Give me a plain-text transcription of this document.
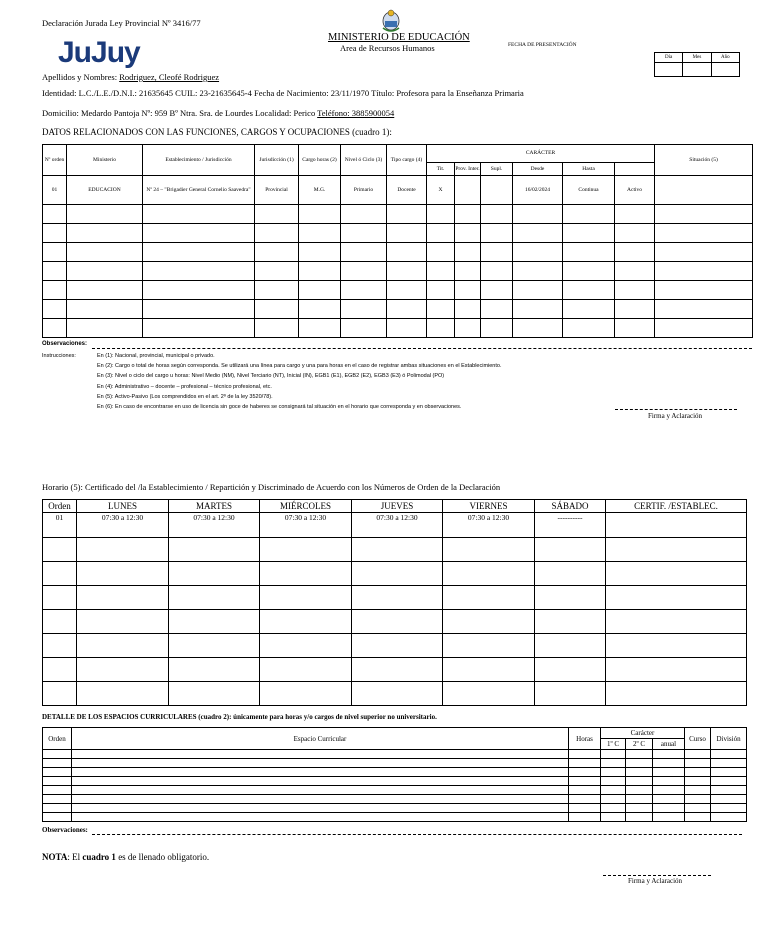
Declaración Jurada Ley Provincial Nº 3416/77
JuJuy	MINISTERIO DE EDUCACIÓN
Area de Recursos Humanos	FECHA DE PRESENTACIÓN
Día	Mes	Año

Apellidos y Nombres: Rodriguez, Cleofé Rodriguez
Identidad: L.C./L.E./D.N.I.: 21635645 CUIL: 23-21635645-4 Fecha de Nacimiento: 23/11/1970 Título: Profesora para la Enseñanza Primaria
Domicilio: Medardo Pantoja Nº: 959 Bº Ntra. Sra. de Lourdes Localidad: Perico Teléfono: 3885900054
DATOS RELACIONADOS CON LAS FUNCIONES, CARGOS Y OCUPACIONES (cuadro 1):
Nº orden	Ministerio	Establecimiento / Jurisdicción	Jurisdicción (1)	Cargo horas (2)	Nivel ó Ciclo (3)	Tipo cargo (4)	CARÁCTER						Situación (5)	
							Tit.	Prov. Inter.	Supl.	Desde	Hasta			
01	EDUCACION	Nº 24 – "Brigadier General Cornelio Saavedra"	Provincial	M.G.	Primario	Docente	X			16/02/2024	Continua	Activo		

Observaciones:
Instrucciones:	En (1): Nacional, provincial, municipal o privado.
En (2): Cargo o total de horas según corresponda. Se utilizará una línea para cargo y una para horas en el caso de registrar ambas situaciones en el Establecimiento.
En (3): Nivel o ciclo del cargo u horas: Nivel Medio (NM), Nivel Terciario (NT), Inicial (IN), EGB1 (E1), EGB2 (E2), EGB3 (E3) ó Polimodal (PO)
En (4): Administrativo – docente – profesional – técnico profesional, etc.
En (5): Activo-Pasivo (Los comprendidos en el art. 2º de la ley 3520/78).
En (6): En caso de encontrarse en uso de licencia sin goce de haberes se consignará tal situación en el horario que corresponda y en observaciones.
Firma y Aclaración
Horario (5): Certificado del /la Establecimiento / Repartición y Discriminado de Acuerdo con los Números de Orden de la Declaración
Orden	LUNES	MARTES	MIÉRCOLES	JUEVES	VIERNES	SÁBADO	CERTIF. /ESTABLEC.
01	07:30 a 12:30	07:30 a 12:30	07:30 a 12:30	07:30 a 12:30	07:30 a 12:30	----------	

DETALLE DE LOS ESPACIOS CURRICULARES (cuadro 2): únicamente para horas y/o cargos de nivel superior no universitario.
Orden	Espacio Curricular	Horas	Carácter			Curso	División
			1º C	2º C	anual		

Observaciones:
NOTA: El cuadro 1 es de llenado obligatorio.
Firma y Aclaración
